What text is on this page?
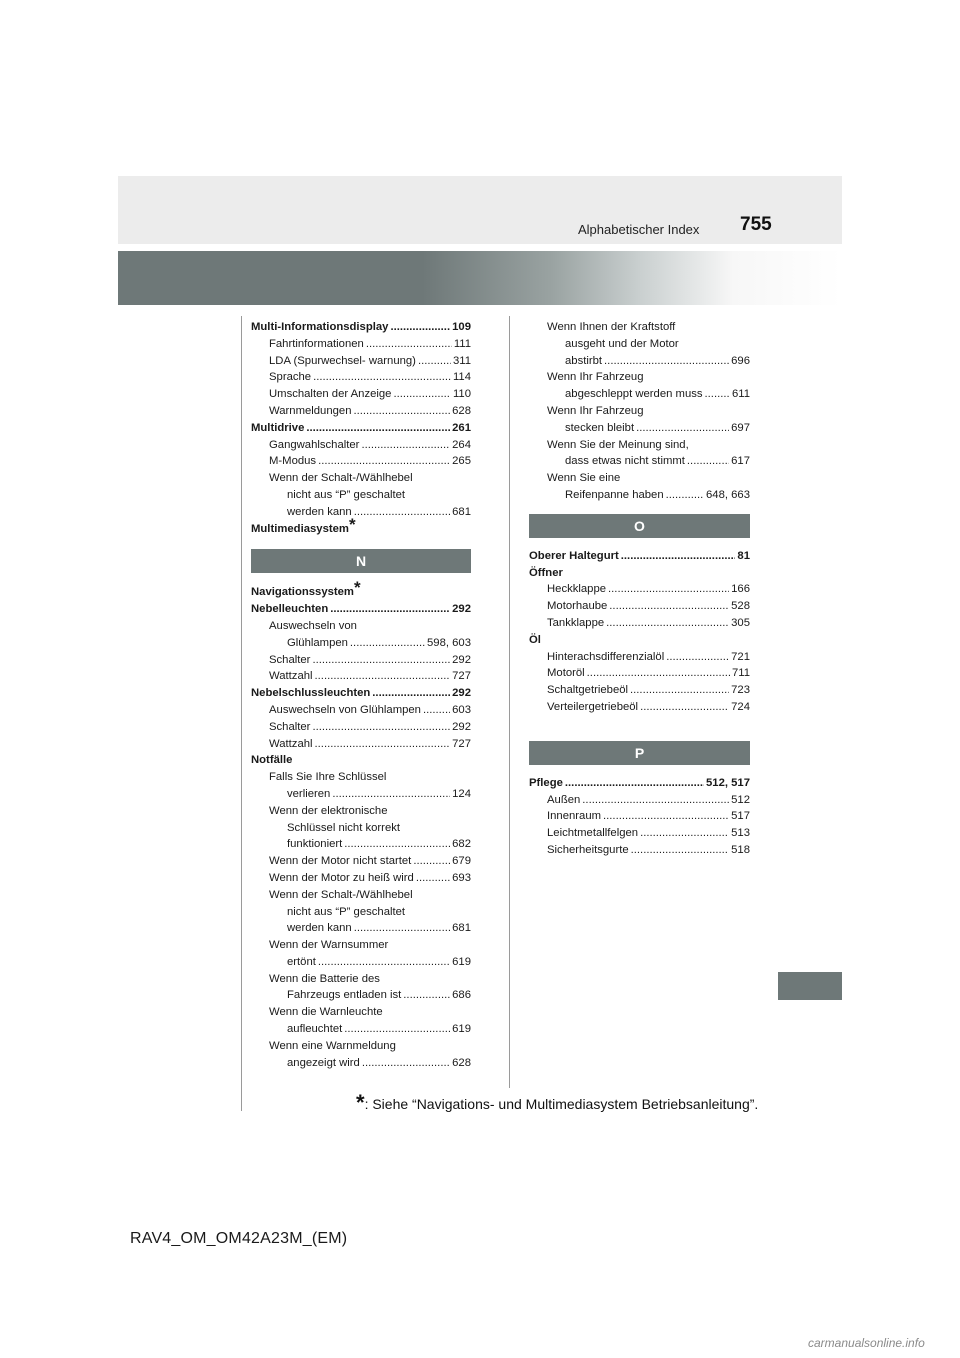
Alphabetischer Index 755
Multi-Informationsdisplay .....	109
Fahrtinformationen .....	111
LDA (Spurwechsel- warnung) .....	311
Sprache .....	114
Umschalten der Anzeige .....	110
Warnmeldungen .....	628
Multidrive .....	261
Gangwahlschalter .....	264
M-Modus .....	265
Wenn der Schalt-/Wählhebel
nicht aus “P” geschaltet
werden kann .....	681
Multimediasystem*
N
Navigationssystem*
Nebelleuchten .....	292
Auswechseln von
Glühlampen .....	598, 603
Schalter .....	292
Wattzahl .....	727
Nebelschlussleuchten .....	292
Auswechseln von Glühlampen .....	603
Schalter .....	292
Wattzahl .....	727
Notfälle
Falls Sie Ihre Schlüssel
verlieren .....	124
Wenn der elektronische
Schlüssel nicht korrekt
funktioniert .....	682
Wenn der Motor nicht startet .....	679
Wenn der Motor zu heiß wird .....	693
Wenn der Schalt-/Wählhebel
nicht aus “P” geschaltet
werden kann .....	681
Wenn der Warnsummer
ertönt .....	619
Wenn die Batterie des
Fahrzeugs entladen ist .....	686
Wenn die Warnleuchte
aufleuchtet .....	619
Wenn eine Warnmeldung
angezeigt wird .....	628
Wenn Ihnen der Kraftstoff
ausgeht und der Motor
abstirbt .....	696
Wenn Ihr Fahrzeug
abgeschleppt werden muss .....	611
Wenn Ihr Fahrzeug
stecken bleibt .....	697
Wenn Sie der Meinung sind,
dass etwas nicht stimmt .....	617
Wenn Sie eine
Reifenpanne haben .....	648, 663
O
Oberer Haltegurt .....	81
Öffner
Heckklappe .....	166
Motorhaube .....	528
Tankklappe .....	305
Öl
Hinterachsdifferenzialöl .....	721
Motoröl .....	711
Schaltgetriebeöl .....	723
Verteilergetriebeöl .....	724
P
Pflege .....	512, 517
Außen .....	512
Innenraum .....	517
Leichtmetallfelgen .....	513
Sicherheitsgurte .....	518
*: Siehe “Navigations- und Multimediasystem Betriebsanleitung”.
RAV4_OM_OM42A23M_(EM)
carmanualsonline.info
